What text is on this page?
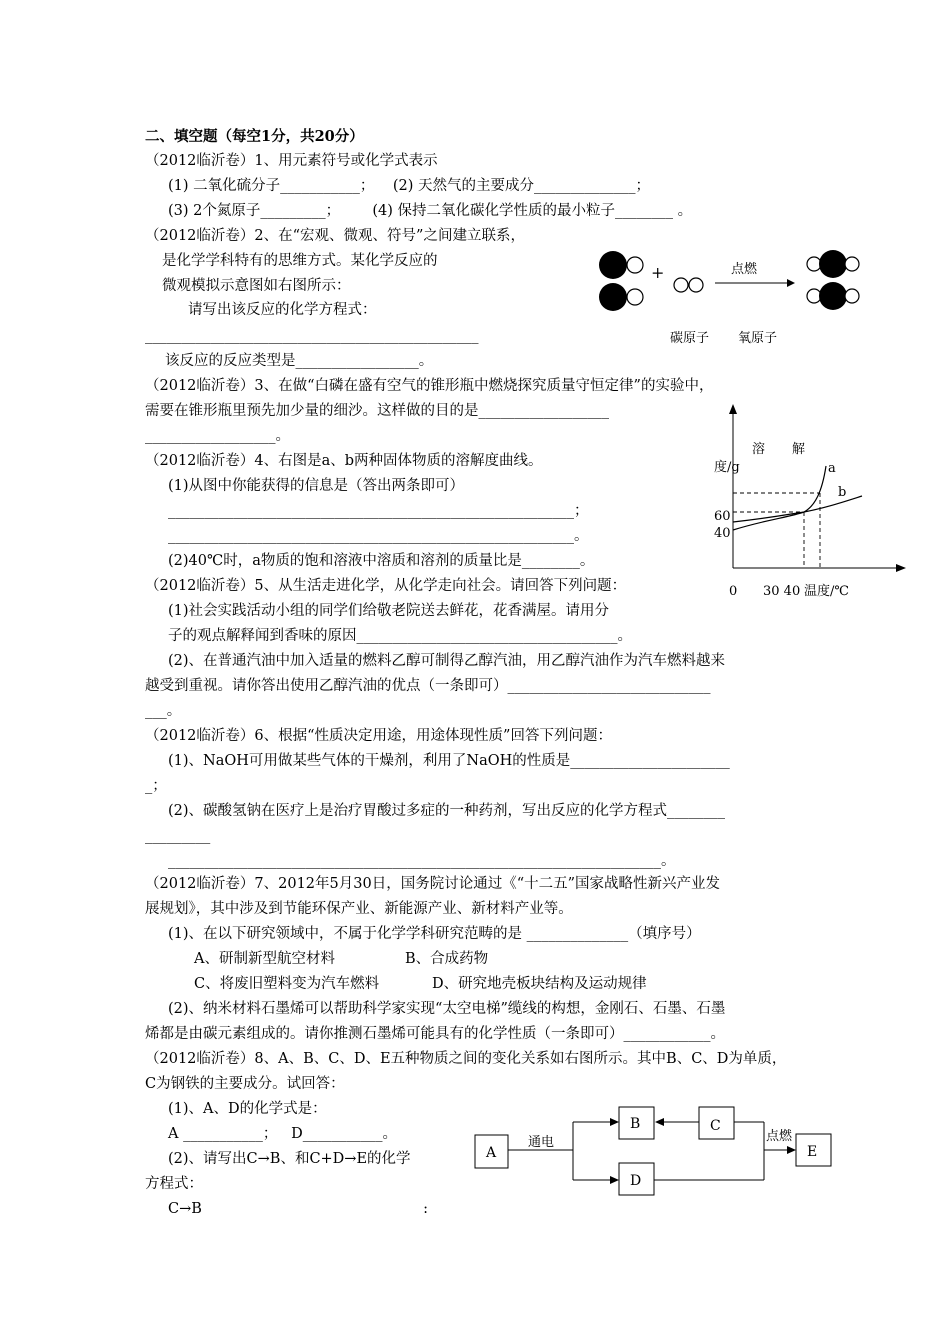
二、填空题（每空1分，共20分）
（2012临沂卷）1、用元素符号或化学式表示
(1) 二氧化硫分子___________；    (2) 天然气的主要成分______________；
(3) 2个氮原子_________；       (4) 保持二氧化碳化学性质的最小粒子________ 。
（2012临沂卷）2、在“宏观、微观、符号”之间建立联系，
是化学学科特有的思维方式。某化学反应的
微观模拟示意图如右图所示：
请写出该反应的化学方程式：
______________________________________________
该反应的反应类型是_________________。
+	点燃
碳原子 氧原子
（2012临沂卷）3、在做“白磷在盛有空气的锥形瓶中燃烧探究质量守恒定律”的实验中，
需要在锥形瓶里预先加少量的细沙。这样做的目的是__________________
__________________。
（2012临沂卷）4、右图是a、b两种固体物质的溶解度曲线。
(1)从图中你能获得的信息是（答出两条即可）
________________________________________________________；
________________________________________________________。
(2)40℃时，a物质的饱和溶液中溶质和溶剂的质量比是________。
溶 解
度/g
60
40
0 30 40 温度/℃
a
b
（2012临沂卷）5、从生活走进化学，从化学走向社会。请回答下列问题：
(1)社会实践活动小组的同学们给敬老院送去鲜花，花香满屋。请用分
子的观点解释闻到香味的原因____________________________________。
(2)、在普通汽油中加入适量的燃料乙醇可制得乙醇汽油，用乙醇汽油作为汽车燃料越来
越受到重视。请你答出使用乙醇汽油的优点（一条即可）____________________________
___。
（2012临沂卷）6、根据“性质决定用途，用途体现性质”回答下列问题：
(1)、NaOH可用做某些气体的干燥剂，利用了NaOH的性质是______________________
_；
(2)、碳酸氢钠在医疗上是治疗胃酸过多症的一种药剂，写出反应的化学方程式________
_________
____________________________________________________________________。
（2012临沂卷）7、2012年5月30日，国务院讨论通过《“十二五”国家战略性新兴产业发
展规划》，其中涉及到节能环保产业、新能源产业、新材料产业等。
(1)、在以下研究领域中，不属于化学学科研究范畴的是 ______________（填序号）
A、研制新型航空材料	B、合成药物
C、将废旧塑料变为汽车燃料	D、研究地壳板块结构及运动规律
(2)、纳米材料石墨烯可以帮助科学家实现“太空电梯”缆线的构想，金刚石、石墨、石墨
烯都是由碳元素组成的。请你推测石墨烯可能具有的化学性质（一条即可）____________。
（2012临沂卷）8、A、B、C、D、E五种物质之间的变化关系如右图所示。其中B、C、D为单质，
C为钢铁的主要成分。试回答：
(1)、A、D的化学式是：
A ___________；   D___________。
(2)、请写出C→B、和C+D→E的化学
方程式：
C→B                                                :
A
通电
B
D
C
点燃
E
